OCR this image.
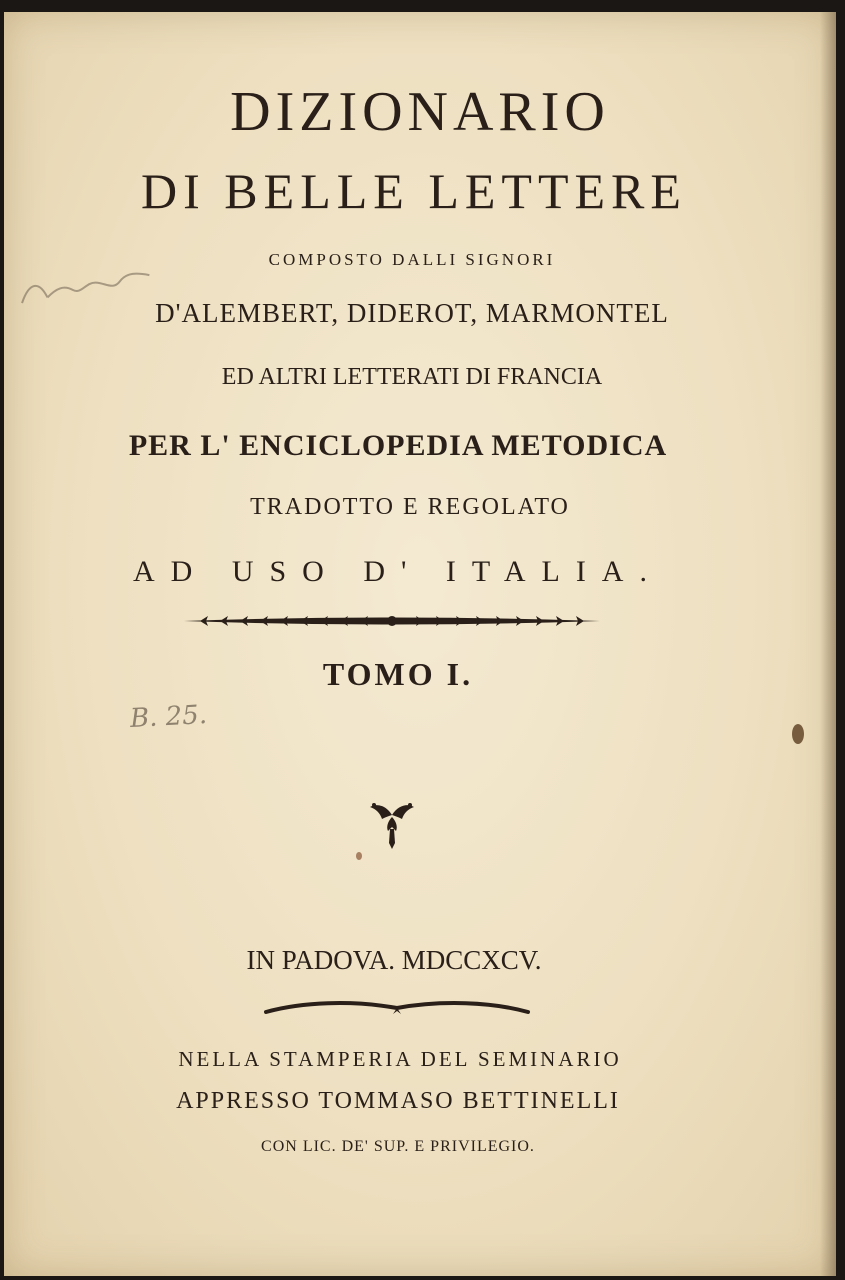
DIZIONARIO
DI BELLE LETTERE
COMPOSTO DALLI SIGNORI
D'ALEMBERT, DIDEROT, MARMONTEL
ED ALTRI LETTERATI DI FRANCIA
PER L' ENCICLOPEDIA METODICA
TRADOTTO E REGOLATO
AD USO D' ITALIA.
TOMO I.
IN PADOVA. MDCCXCV.
NELLA STAMPERIA DEL SEMINARIO
APPRESSO TOMMASO BETTINELLI
CON LIC. DE' SUP. E PRIVILEGIO.
B. 25.
